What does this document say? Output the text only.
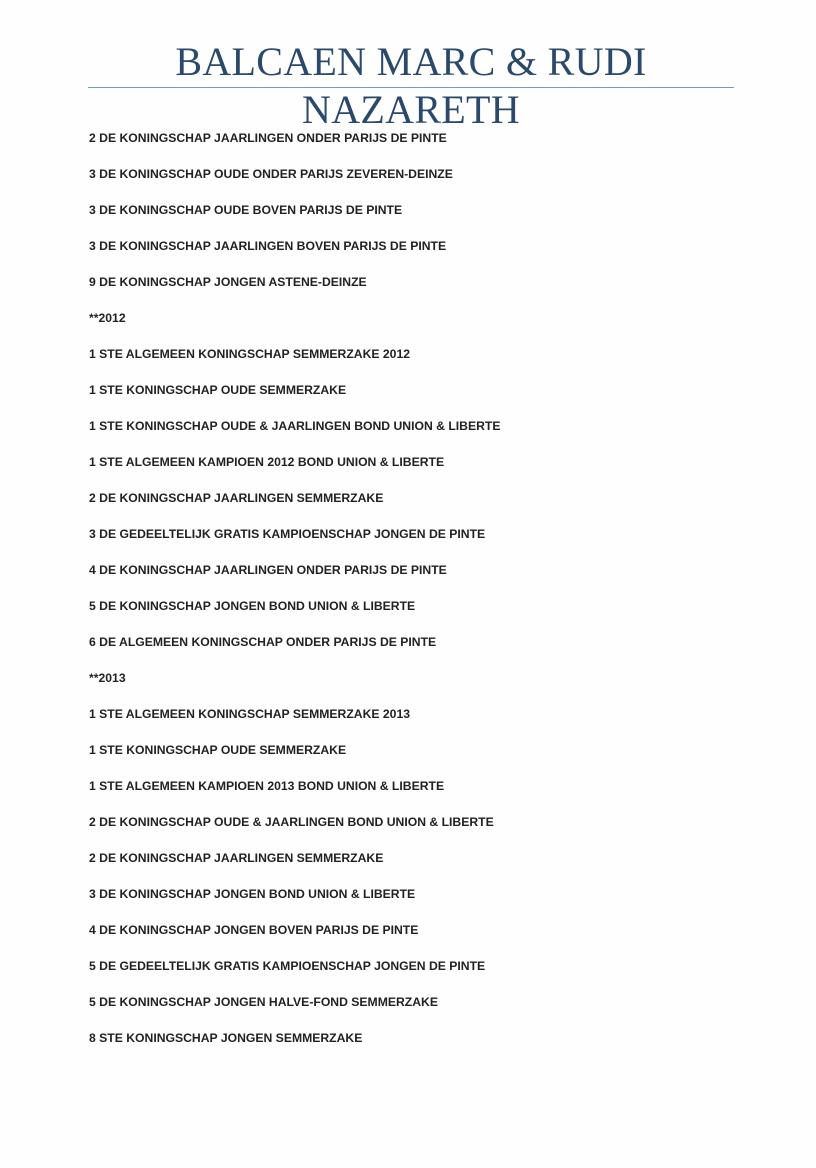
BALCAEN MARC & RUDI NAZARETH
2 DE KONINGSCHAP JAARLINGEN ONDER PARIJS DE PINTE
3 DE KONINGSCHAP OUDE ONDER PARIJS ZEVEREN-DEINZE
3 DE KONINGSCHAP OUDE BOVEN PARIJS DE PINTE
3 DE KONINGSCHAP JAARLINGEN BOVEN PARIJS DE PINTE
9 DE KONINGSCHAP JONGEN ASTENE-DEINZE
**2012
1 STE ALGEMEEN KONINGSCHAP SEMMERZAKE 2012
1 STE KONINGSCHAP OUDE SEMMERZAKE
1 STE KONINGSCHAP OUDE & JAARLINGEN BOND UNION & LIBERTE
1 STE ALGEMEEN KAMPIOEN 2012 BOND UNION & LIBERTE
2 DE KONINGSCHAP JAARLINGEN SEMMERZAKE
3 DE GEDEELTELIJK GRATIS KAMPIOENSCHAP JONGEN DE PINTE
4 DE KONINGSCHAP JAARLINGEN ONDER PARIJS DE PINTE
5 DE KONINGSCHAP JONGEN BOND UNION & LIBERTE
6 DE ALGEMEEN KONINGSCHAP ONDER PARIJS DE PINTE
**2013
1 STE ALGEMEEN KONINGSCHAP SEMMERZAKE 2013
1 STE KONINGSCHAP OUDE SEMMERZAKE
1 STE ALGEMEEN KAMPIOEN 2013 BOND UNION & LIBERTE
2 DE KONINGSCHAP OUDE & JAARLINGEN BOND UNION & LIBERTE
2 DE KONINGSCHAP JAARLINGEN SEMMERZAKE
3 DE KONINGSCHAP JONGEN BOND UNION & LIBERTE
4 DE KONINGSCHAP JONGEN BOVEN PARIJS DE PINTE
5 DE GEDEELTELIJK GRATIS KAMPIOENSCHAP JONGEN DE PINTE
5 DE KONINGSCHAP JONGEN HALVE-FOND SEMMERZAKE
8 STE KONINGSCHAP JONGEN SEMMERZAKE
